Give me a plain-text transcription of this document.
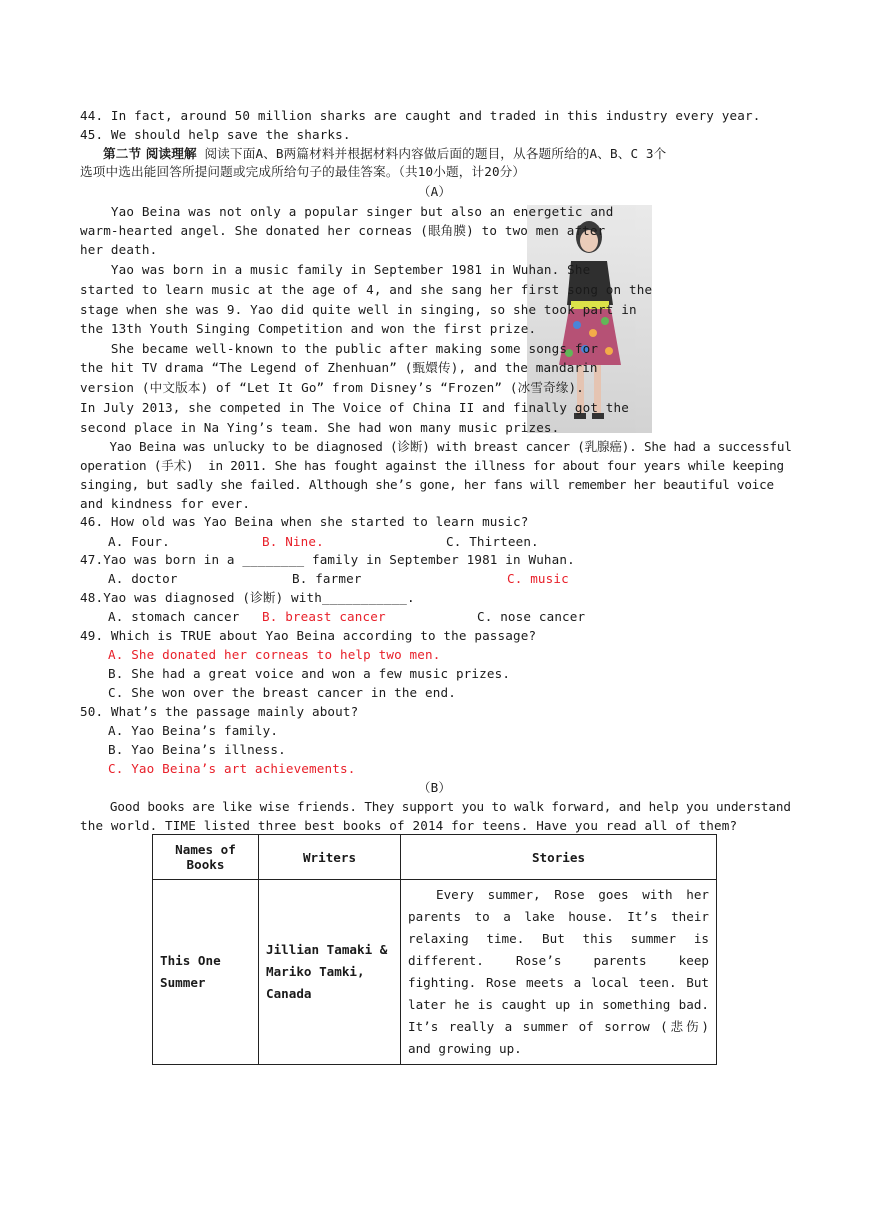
44. In fact, around 50 million sharks are caught and traded in this industry every year.
45. We should help save the sharks.
第二节 阅读理解 阅读下面A、B两篇材料并根据材料内容做后面的题目，从各题所给的A、B、C 3个
选项中选出能回答所提问题或完成所给句子的最佳答案。（共10小题，计20分）
（A）
Yao Beina was not only a popular singer but also an energetic and
warm-hearted angel. She donated her corneas (眼角膜) to two men after
her death.
Yao was born in a music family in September 1981 in Wuhan. She
started to learn music at the age of 4, and she sang her first song on the
stage when she was 9. Yao did quite well in singing, so she took part in
the 13th Youth Singing Competition and won the first prize.
She became well-known to the public after making some songs for
the hit TV drama “The Legend of Zhenhuan” (甄嬛传), and the mandarin
version (中文版本) of “Let It Go” from Disney’s “Frozen” (冰雪奇缘).
In July 2013, she competed in The Voice of China II and finally got the
second place in Na Ying’s team. She had won many music prizes.
Yao Beina was unlucky to be diagnosed (诊断) with breast cancer (乳腺癌). She had a successful
operation (手术)  in 2011. She has fought against the illness for about four years while keeping
singing, but sadly she failed. Although she’s gone, her fans will remember her beautiful voice
and kindness for ever.
46. How old was Yao Beina when she started to learn music?
A. Four.	B. Nine.	C. Thirteen.
47.Yao was born in a ________ family in September 1981 in Wuhan.
A. doctor	B. farmer	C. music
48.Yao was diagnosed (诊断) with___________.
A. stomach cancer B. breast cancer	C. nose cancer
49. Which is TRUE about Yao Beina according to the passage?
A. She donated her corneas to help two men.
B. She had a great voice and won a few music prizes.
C. She won over the breast cancer in the end.
50. What’s the passage mainly about?
A. Yao Beina’s family.
B. Yao Beina’s illness.
C. Yao Beina’s art achievements.
（B）
Good books are like wise friends. They support you to walk forward, and help you understand
the world. TIME listed three best books of 2014 for teens. Have you read all of them?
Names of Books	Writers	Stories
This One Summer	Jillian Tamaki & Mariko Tamki, Canada	Every summer, Rose goes with her parents to a lake house. It’s their relaxing time. But this summer is different. Rose’s parents keep fighting. Rose meets a local teen. But later he is caught up in something bad. It’s really a summer of sorrow (悲伤) and growing up.
